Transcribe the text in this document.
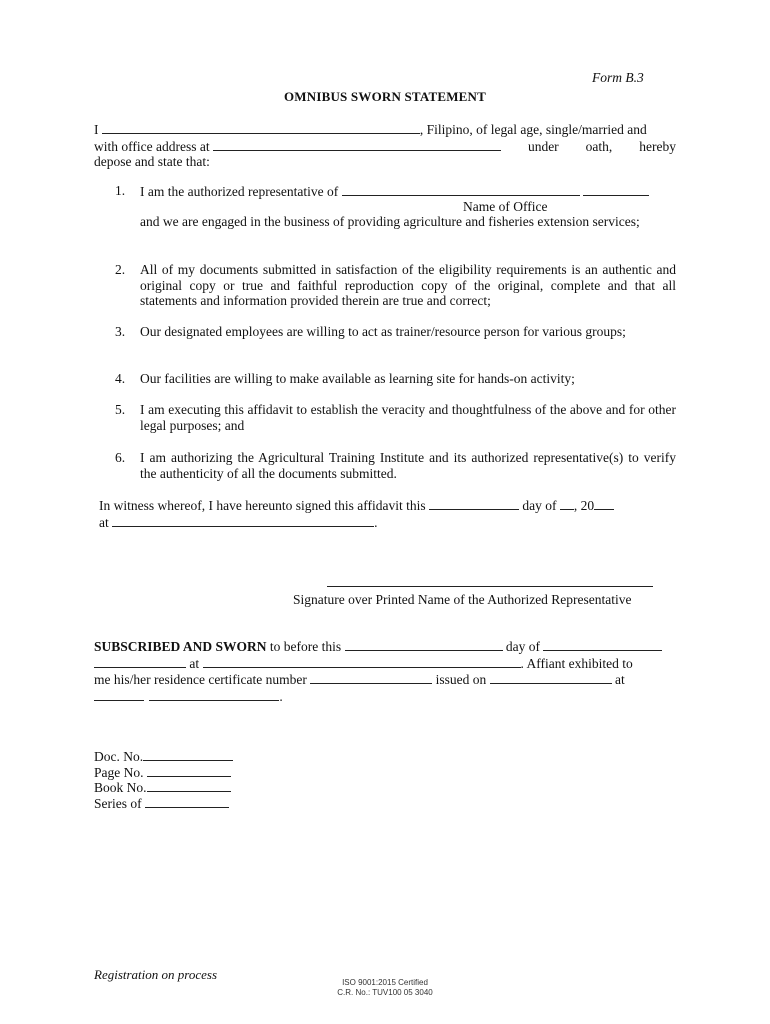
Form B.3
OMNIBUS SWORN STATEMENT
I	, Filipino, of legal age, single/married and
with office address at	under oath, hereby
depose and state that:
1. I am the authorized representative of
Name of Office
and we are engaged in the business of providing agriculture and fisheries extension services;
2. All of my documents submitted in satisfaction of the eligibility requirements is an authentic and original copy or true and faithful reproduction copy of the original, complete and that all statements and information provided therein are true and correct;
3. Our designated employees are willing to act as trainer/resource person for various groups;
4. Our facilities are willing to make available as learning site for hands-on activity;
5. I am executing this affidavit to establish the veracity and thoughtfulness of the above and for other legal purposes; and
6. I am authorizing the Agricultural Training Institute and its authorized representative(s) to verify the authenticity of all the documents submitted.
In witness whereof, I have hereunto signed this affidavit this	day of , 20
at	.
Signature over Printed Name of the Authorized Representative
SUBSCRIBED AND SWORN to before this	day of
at	. Affiant exhibited to
me his/her residence certificate number	issued on	at
.
Doc. No.
Page No.
Book No.
Series of
Registration on process
ISO 9001:2015 Certified
C.R. No.: TUV100 05 3040
